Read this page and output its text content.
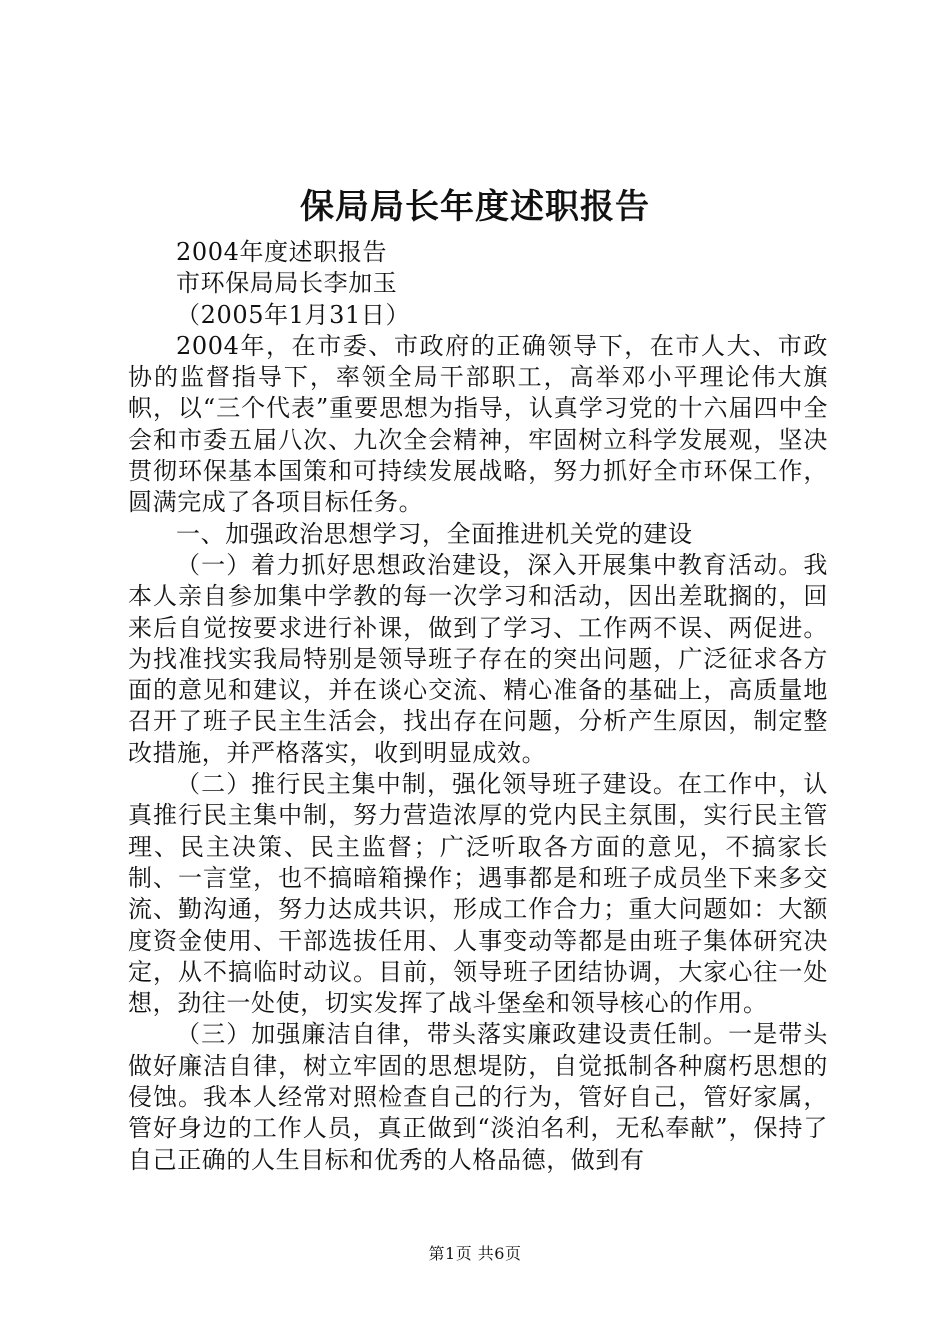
保局局长年度述职报告

2004年度述职报告

市环保局局长李加玉

（2005年1月31日）

2004年，在市委、市政府的正确领导下，在市人大、市政协的监督指导下，率领全局干部职工，高举邓小平理论伟大旗帜，以“三个代表”重要思想为指导，认真学习党的十六届四中全会和市委五届八次、九次全会精神，牢固树立科学发展观，坚决贯彻环保基本国策和可持续发展战略，努力抓好全市环保工作，圆满完成了各项目标任务。

一、加强政治思想学习，全面推进机关党的建设

（一）着力抓好思想政治建设，深入开展集中教育活动。我本人亲自参加集中学教的每一次学习和活动，因出差耽搁的，回来后自觉按要求进行补课，做到了学习、工作两不误、两促进。为找准找实我局特别是领导班子存在的突出问题，广泛征求各方面的意见和建议，并在谈心交流、精心准备的基础上，高质量地召开了班子民主生活会，找出存在问题，分析产生原因，制定整改措施，并严格落实，收到明显成效。

（二）推行民主集中制，强化领导班子建设。在工作中，认真推行民主集中制，努力营造浓厚的党内民主氛围，实行民主管理、民主决策、民主监督；广泛听取各方面的意见，不搞家长制、一言堂，也不搞暗箱操作；遇事都是和班子成员坐下来多交流、勤沟通，努力达成共识，形成工作合力；重大问题如：大额度资金使用、干部选拔任用、人事变动等都是由班子集体研究决定，从不搞临时动议。目前，领导班子团结协调，大家心往一处想，劲往一处使，切实发挥了战斗堡垒和领导核心的作用。

（三）加强廉洁自律，带头落实廉政建设责任制。一是带头做好廉洁自律，树立牢固的思想堤防，自觉抵制各种腐朽思想的侵蚀。我本人经常对照检查自己的行为，管好自己，管好家属，管好身边的工作人员，真正做到“淡泊名利，无私奉献”，保持了自己正确的人生目标和优秀的人格品德，做到有

第1页 共6页
